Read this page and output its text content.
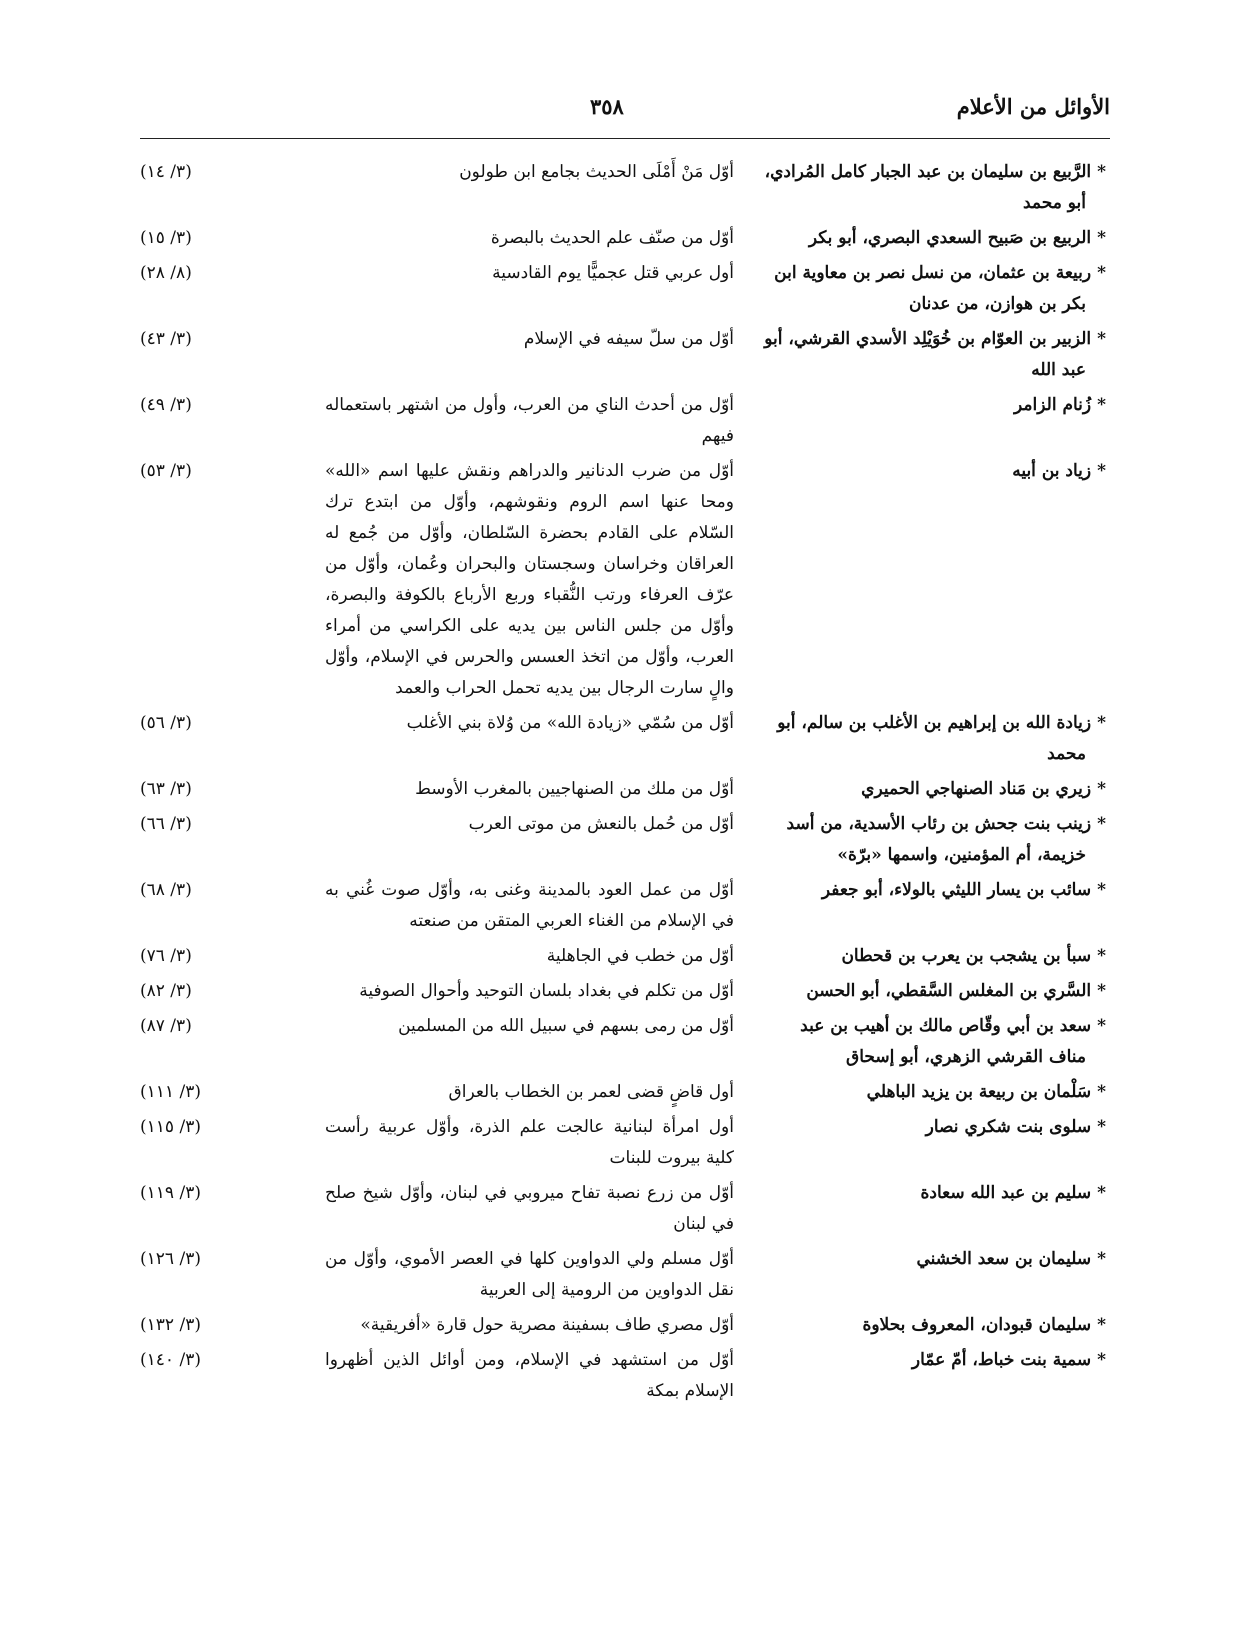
الأوائل من الأعلام
٣٥٨
*الرَّبيع بن سليمان بن عبد الجبار كامل المُرادي، أبو محمد
أوّل مَنْ أَمْلَى الحديث بجامع ابن طولون
(٣/ ١٤)
*الربيع بن صَبيح السعدي البصري، أبو بكر
أوّل من صنّف علم الحديث بالبصرة
(٣/ ١٥)
*ربيعة بن عثمان، من نسل نصر بن معاوية ابن بكر بن هوازن، من عدنان
أول عربي قتل عجميًّا يوم القادسية
(٨/ ٢٨)
*الزبير بن العوّام بن خُوَيْلِد الأسدي القرشي، أبو عبد الله
أوّل من سلّ سيفه في الإسلام
(٣/ ٤٣)
*زُنام الزامر
أوّل من أحدث الناي من العرب، وأول من اشتهر باستعماله فيهم
(٣/ ٤٩)
*زياد بن أبيه
أوّل من ضرب الدنانير والدراهم ونقش عليها اسم «الله» ومحا عنها اسم الروم ونقوشهم، وأوّل من ابتدع ترك السّلام على القادم بحضرة السّلطان، وأوّل من جُمع له العراقان وخراسان وسجستان والبحران وعُمان، وأوّل من عرّف العرفاء ورتب النُّقباء وربع الأرباع بالكوفة والبصرة، وأوّل من جلس الناس بين يديه على الكراسي من أمراء العرب، وأوّل من اتخذ العسس والحرس في الإسلام، وأوّل والٍ سارت الرجال بين يديه تحمل الحراب والعمد
(٣/ ٥٣)
*زيادة الله بن إبراهيم بن الأغلب بن سالم، أبو محمد
أوّل من سُمّي «زيادة الله» من وُلاة بني الأغلب
(٣/ ٥٦)
*زيري بن مَناد الصنهاجي الحميري
أوّل من ملك من الصنهاجيين بالمغرب الأوسط
(٣/ ٦٣)
*زينب بنت جحش بن رئاب الأسدية، من أسد خزيمة، أم المؤمنين، واسمها «برّة»
أوّل من حُمل بالنعش من موتى العرب
(٣/ ٦٦)
*سائب بن يسار الليثي بالولاء، أبو جعفر
أوّل من عمل العود بالمدينة وغنى به، وأوّل صوت غُني به في الإسلام من الغناء العربي المتقن من صنعته
(٣/ ٦٨)
*سبأ بن يشجب بن يعرب بن قحطان
أوّل من خطب في الجاهلية
(٣/ ٧٦)
*السَّري بن المغلس السَّقطي، أبو الحسن
أوّل من تكلم في بغداد بلسان التوحيد وأحوال الصوفية
(٣/ ٨٢)
*سعد بن أبي وقّاص مالك بن أهيب بن عبد مناف القرشي الزهري، أبو إسحاق
أوّل من رمى بسهم في سبيل الله من المسلمين
(٣/ ٨٧)
*سَلْمان بن ربيعة بن يزيد الباهلي
أول قاضٍ قضى لعمر بن الخطاب بالعراق
(٣/ ١١١)
*سلوى بنت شكري نصار
أول امرأة لبنانية عالجت علم الذرة، وأوّل عربية رأست كلية بيروت للبنات
(٣/ ١١٥)
*سليم بن عبد الله سعادة
أوّل من زرع نصبة تفاح ميروبي في لبنان، وأوّل شيخ صلح في لبنان
(٣/ ١١٩)
*سليمان بن سعد الخشني
أوّل مسلم ولي الدواوين كلها في العصر الأموي، وأوّل من نقل الدواوين من الرومية إلى العربية
(٣/ ١٢٦)
*سليمان قبودان، المعروف بحلاوة
أوّل مصري طاف بسفينة مصرية حول قارة «أفريقية»
(٣/ ١٣٢)
*سمية بنت خباط، أمّ عمّار
أوّل من استشهد في الإسلام، ومن أوائل الذين أظهروا الإسلام بمكة
(٣/ ١٤٠)
